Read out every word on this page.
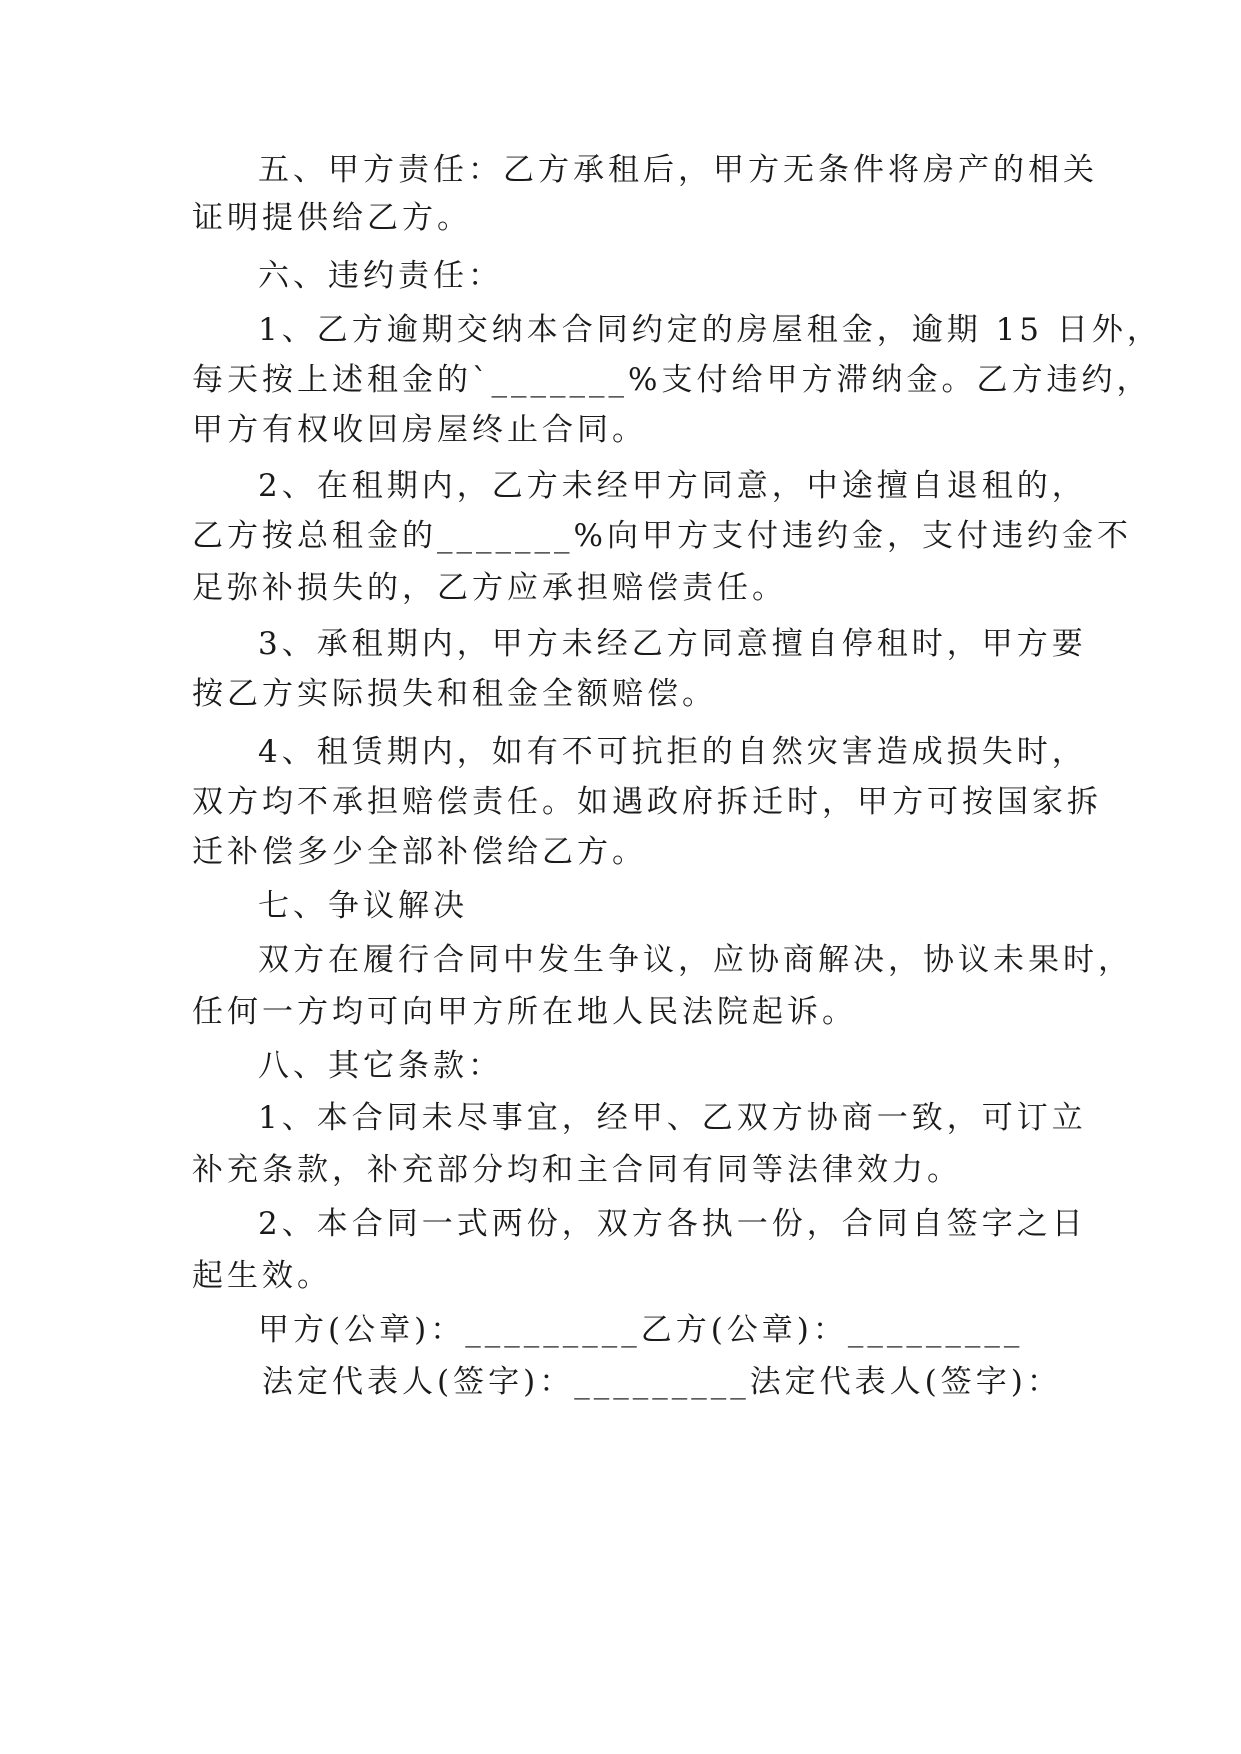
五、甲方责任：乙方承租后，甲方无条件将房产的相关
证明提供给乙方。
六、违约责任：
1、乙方逾期交纳本合同约定的房屋租金，逾期 15 日外，
每天按上述租金的`_______%支付给甲方滞纳金。乙方违约，
甲方有权收回房屋终止合同。
2、在租期内，乙方未经甲方同意，中途擅自退租的，
乙方按总租金的_______%向甲方支付违约金，支付违约金不
足弥补损失的，乙方应承担赔偿责任。
3、承租期内，甲方未经乙方同意擅自停租时，甲方要
按乙方实际损失和租金全额赔偿。
4、租赁期内，如有不可抗拒的自然灾害造成损失时，
双方均不承担赔偿责任。如遇政府拆迁时，甲方可按国家拆
迁补偿多少全部补偿给乙方。
七、争议解决
双方在履行合同中发生争议，应协商解决，协议未果时，
任何一方均可向甲方所在地人民法院起诉。
八、其它条款：
1、本合同未尽事宜，经甲、乙双方协商一致，可订立
补充条款，补充部分均和主合同有同等法律效力。
2、本合同一式两份，双方各执一份，合同自签字之日
起生效。
甲方(公章)：_________乙方(公章)：_________
法定代表人(签字)：_________法定代表人(签字)：
